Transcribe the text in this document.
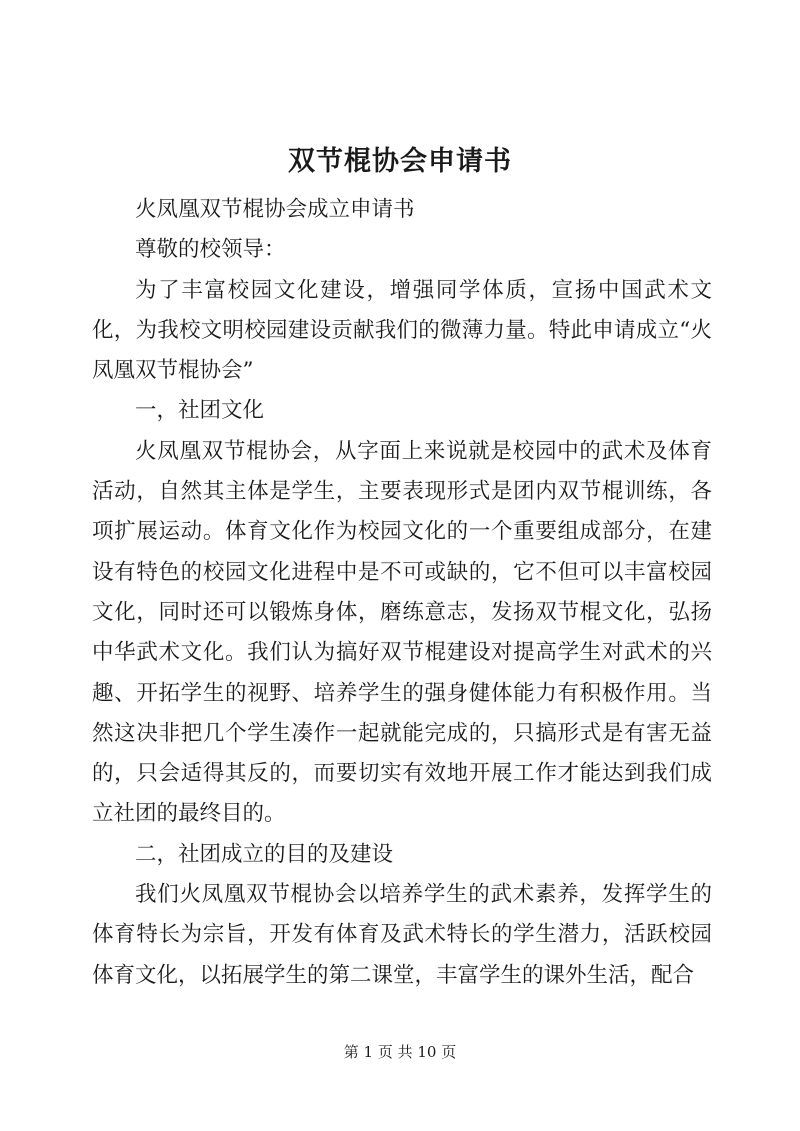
双节棍协会申请书

火凤凰双节棍协会成立申请书

尊敬的校领导：

为了丰富校园文化建设，增强同学体质，宣扬中国武术文化，为我校文明校园建设贡献我们的微薄力量。特此申请成立“火凤凰双节棍协会”

一，社团文化

火凤凰双节棍协会，从字面上来说就是校园中的武术及体育活动，自然其主体是学生，主要表现形式是团内双节棍训练，各项扩展运动。体育文化作为校园文化的一个重要组成部分，在建设有特色的校园文化进程中是不可或缺的，它不但可以丰富校园文化，同时还可以锻炼身体，磨练意志，发扬双节棍文化，弘扬中华武术文化。我们认为搞好双节棍建设对提高学生对武术的兴趣、开拓学生的视野、培养学生的强身健体能力有积极作用。当然这决非把几个学生凑作一起就能完成的，只搞形式是有害无益的，只会适得其反的，而要切实有效地开展工作才能达到我们成立社团的最终目的。

二，社团成立的目的及建设

我们火凤凰双节棍协会以培养学生的武术素养，发挥学生的体育特长为宗旨，开发有体育及武术特长的学生潜力，活跃校园体育文化，以拓展学生的第二课堂，丰富学生的课外生活，配合

第 1 页 共 10 页
